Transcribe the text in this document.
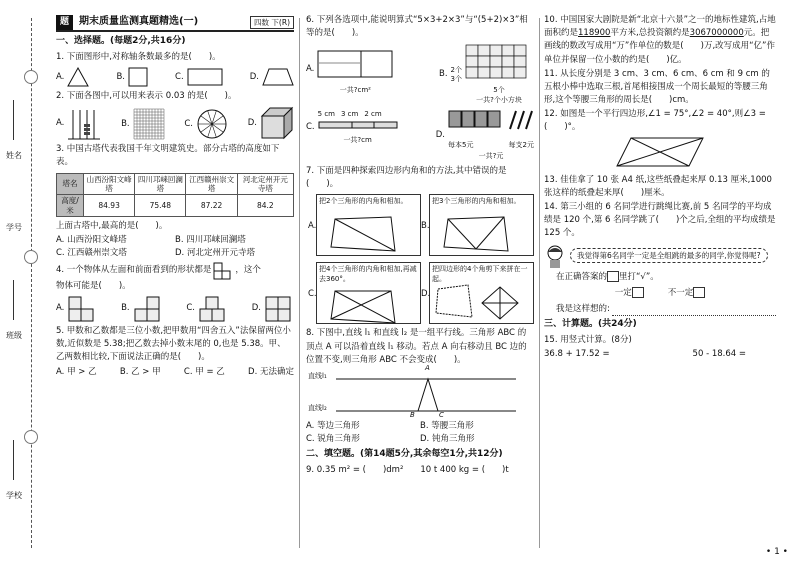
姓名
学号
班级
学校
题	期末质量监测真题精选(一)	四数 下(R)
一、选择题。(每题2分,共16分)
1. 下面图形中,对称轴条数最多的是(　　)。
A.	B.	C.	D.
2. 下面各图中,可以用来表示 0.03 的是(　　)。
A.	B.	C.	D.
3. 中国古塔代表我国千年文明建筑史。部分古塔的高度如下表。
塔名	山西汾阳文峰塔	四川邛崃回澜塔	江西赣州崇文塔	河北定州开元寺塔
高度/米	84.93	75.48	87.22	84.2
上面古塔中,最高的是(　　)。
A. 山西汾阳文峰塔	B. 四川邛崃回澜塔
C. 江西赣州崇文塔	D. 河北定州开元寺塔
4. 一个物体从左面和前面看到的形状都是	，这个
物体可能是(　　)。
A.	B.	C.	D.
5. 甲数和乙数都是三位小数,把甲数用“四舍五入”法保留两位小数,近似数是 5.38;把乙数去掉小数末尾的 0,也是 5.38。甲、乙两数相比较,下面说法正确的是(　　)。
A. 甲 > 乙	B. 乙 > 甲	C. 甲 = 乙	D. 无法确定
6. 下列各选项中,能说明算式“5×3+2×3”与“(5+2)×3”相等的是(　　)。
A.
一共?cm²
B. 2个
3个
5个
一共?个小方块
C.
5 cm 3 cm 2 cm
一共?cm
D.
每本5元	每支2元
一共?元
7. 下面是四种探索四边形内角和的方法,其中错误的是(　　)。
A.
把2个三角形的内角和相加。
B.
把3个三角形的内角和相加。
C.
把4个三角形的内角和相加,再减去360°。
D.
把四边形的4个角剪下来拼在一起。
8. 下图中,直线 l₁ 和直线 l₂ 是一组平行线。三角形 ABC 的顶点 A 可以沿着直线 l₁ 移动。若点 A 向右移动且 BC 边的位置不变,则三角形 ABC 不会变成(　　)。
直线l₁
直线l₂
A
B	C
A. 等边三角形	B. 等腰三角形
C. 锐角三角形	D. 钝角三角形
二、填空题。(第14题5分,其余每空1分,共12分)
9. 0.35 m² = (　　)dm²　　10 t 400 kg = (　　)t
10. 中国国家大剧院是新“北京十六景”之一的地标性建筑,占地面积约是118900平方米,总投资额约是3067000000元。把画线的数改写成用“万”作单位的数是(　　)万,改写成用“亿”作单位并保留一位小数的约是(　　)亿。
11. 从长度分别是 3 cm、3 cm、6 cm、6 cm 和 9 cm 的五根小棒中选取三根,首尾相接围成一个周长最短的等腰三角形,这个等腰三角形的周长是(　　)cm。
12. 如图是一个平行四边形,∠1 = 75°,∠2 = 40°,则∠3 = (　　)°。
13. 佳佳拿了 10 张 A4 纸,这些纸叠起来厚 0.13 厘米,1000 张这样的纸叠起来厚(　　)厘米。
14. 第三小组的 6 名同学进行跳绳比赛,前 5 名同学的平均成绩是 120 个,第 6 名同学跳了(　　)个之后,全组的平均成绩是 125 个。
我觉得第6名同学一定是全组跳的最多的同学,你觉得呢?
在正确答案的 里打“√”。
一定	不一定
我是这样想的:
三、计算题。(共24分)
15. 用竖式计算。(8分)
36.8 + 17.52 =	50 - 18.64 =
• 1 •
